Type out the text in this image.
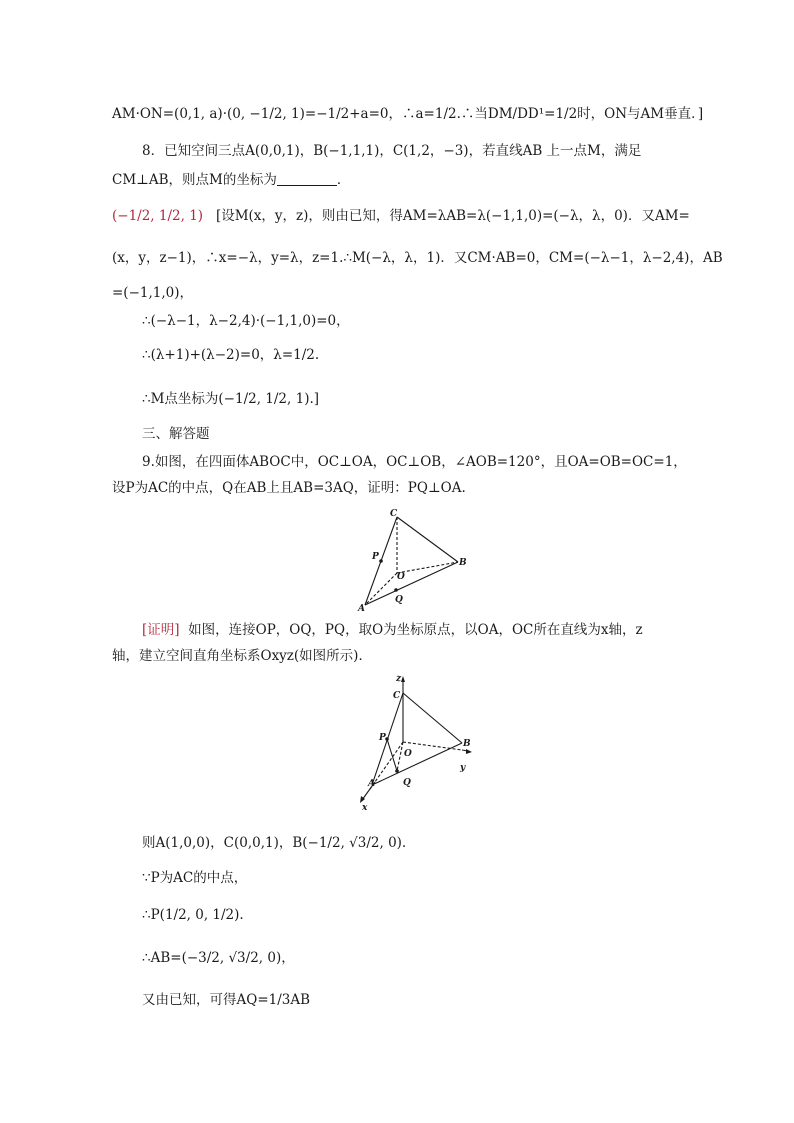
AM·ON=(0,1, a)·(0, −1/2, 1)=−1/2+a=0，∴a=1/2.∴当DM/DD¹=1/2时，ON与AM垂直．]
8．已知空间三点A(0,0,1)，B(−1,1,1)，C(1,2，−3)，若直线AB 上一点M，满足
CM⊥AB，则点M的坐标为	．
(−1/2, 1/2, 1) [设M(x，y，z)，则由已知，得AM=λAB=λ(−1,1,0)=(−λ，λ，0)．又AM=
(x，y，z−1)，∴x=−λ，y=λ，z=1.∴M(−λ，λ，1)．又CM·AB=0，CM=(−λ−1，λ−2,4)，AB
=(−1,1,0)，
∴(−λ−1，λ−2,4)·(−1,1,0)=0，
∴(λ+1)+(λ−2)=0，λ=1/2.
∴M点坐标为(−1/2, 1/2, 1).]
三、解答题
9.如图，在四面体ABOC中，OC⊥OA，OC⊥OB，∠AOB=120°，且OA=OB=OC=1，
设P为AC的中点，Q在AB上且AB=3AQ，证明：PQ⊥OA.
C
P
O
B
A
Q
[证明] 如图，连接OP，OQ，PQ，取O为坐标原点，以OA，OC所在直线为x轴，z
轴，建立空间直角坐标系Oxyz(如图所示)．
z
C
P
O
B
y
A	Q
x
则A(1,0,0)，C(0,0,1)，B(−1/2, √3/2, 0).
∵P为AC的中点，
∴P(1/2, 0, 1/2).
∴AB=(−3/2, √3/2, 0)，
又由已知，可得AQ=1/3AB
